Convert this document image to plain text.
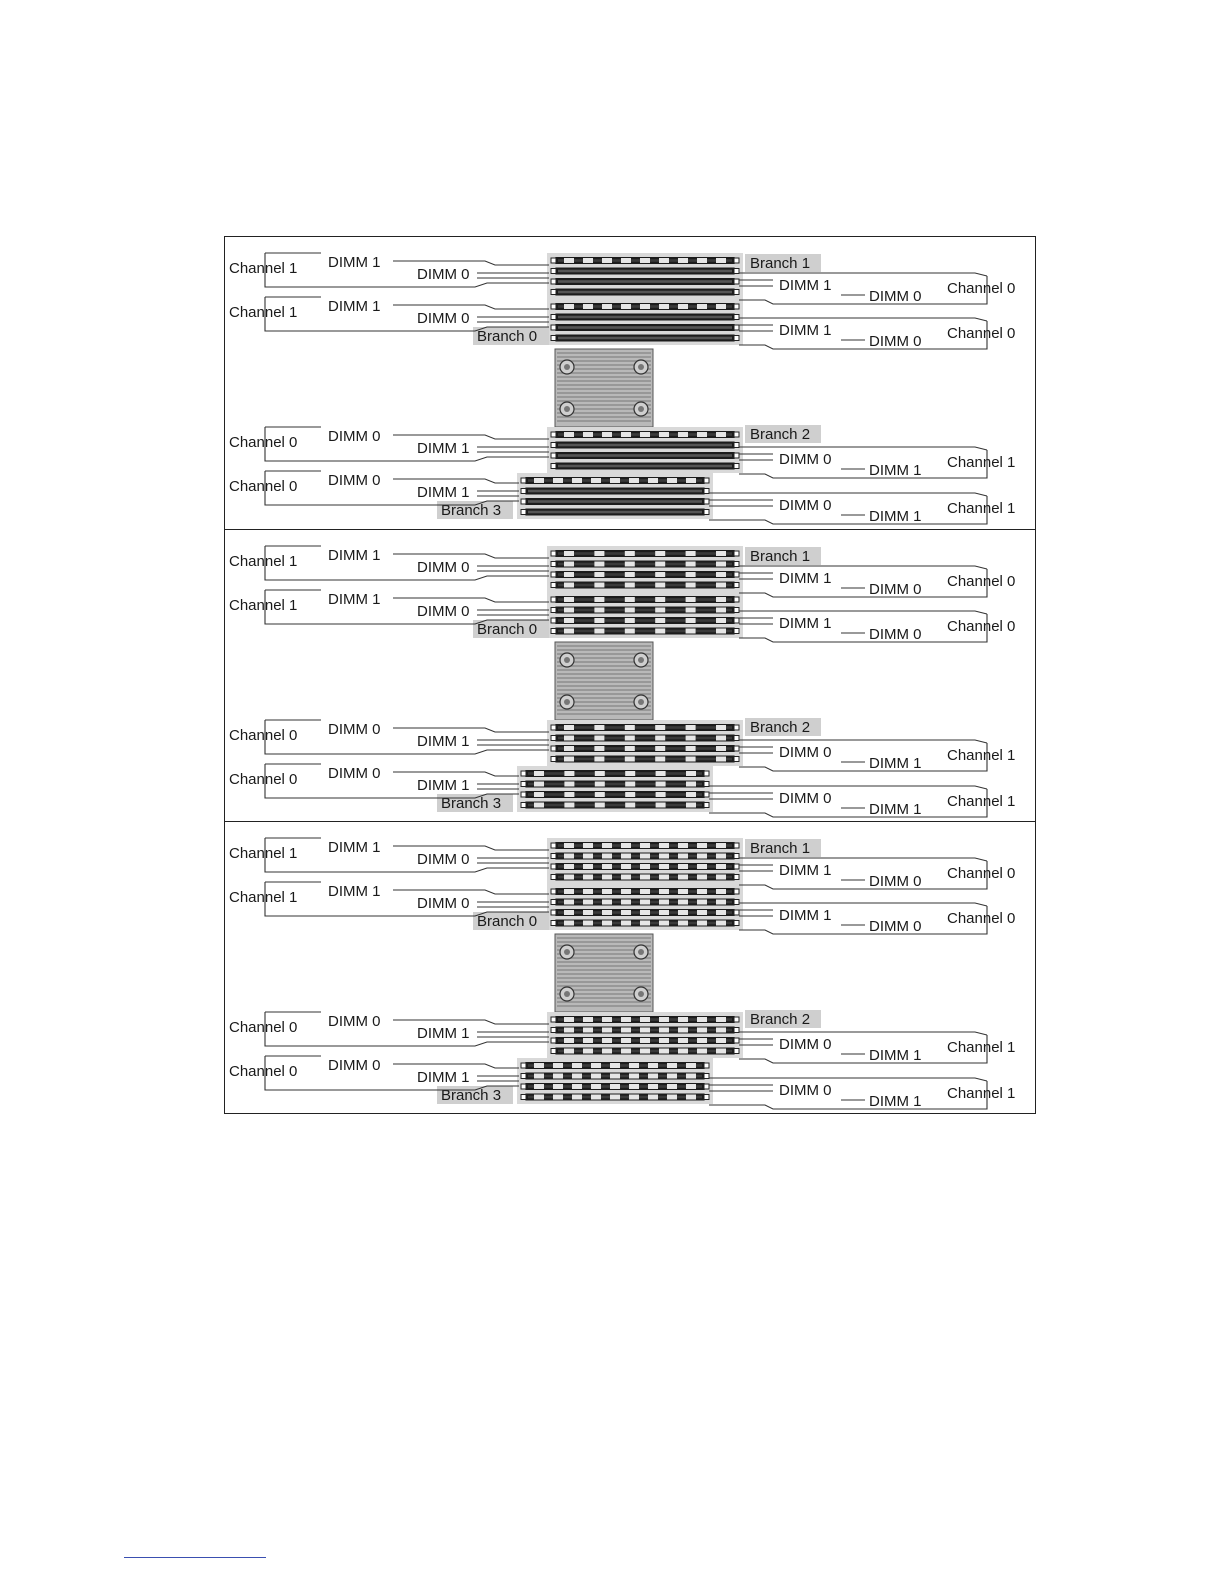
Branch 1
Branch 0
Branch 2
Branch 3
Channel 1 DIMM 1
DIMM 0
Channel 1 DIMM 1
DIMM 0
Channel 0 DIMM 0
DIMM 1
Channel 0 DIMM 0
DIMM 1
DIMM 1
DIMM 0 Channel 0
DIMM 1
DIMM 0 Channel 0
DIMM 0
DIMM 1 Channel 1
DIMM 0
DIMM 1 Channel 1
Branch 1
Branch 0
Branch 2
Branch 3
Channel 1 DIMM 1
DIMM 0
Channel 1 DIMM 1
DIMM 0
Channel 0 DIMM 0
DIMM 1
Channel 0 DIMM 0
DIMM 1
DIMM 1
DIMM 0 Channel 0
DIMM 1
DIMM 0 Channel 0
DIMM 0
DIMM 1 Channel 1
DIMM 0
DIMM 1 Channel 1
Branch 1
Branch 0
Branch 2
Branch 3
Channel 1 DIMM 1
DIMM 0
Channel 1 DIMM 1
DIMM 0
Channel 0 DIMM 0
DIMM 1
Channel 0 DIMM 0
DIMM 1
DIMM 1
DIMM 0 Channel 0
DIMM 1
DIMM 0 Channel 0
DIMM 0
DIMM 1 Channel 1
DIMM 0
DIMM 1 Channel 1
